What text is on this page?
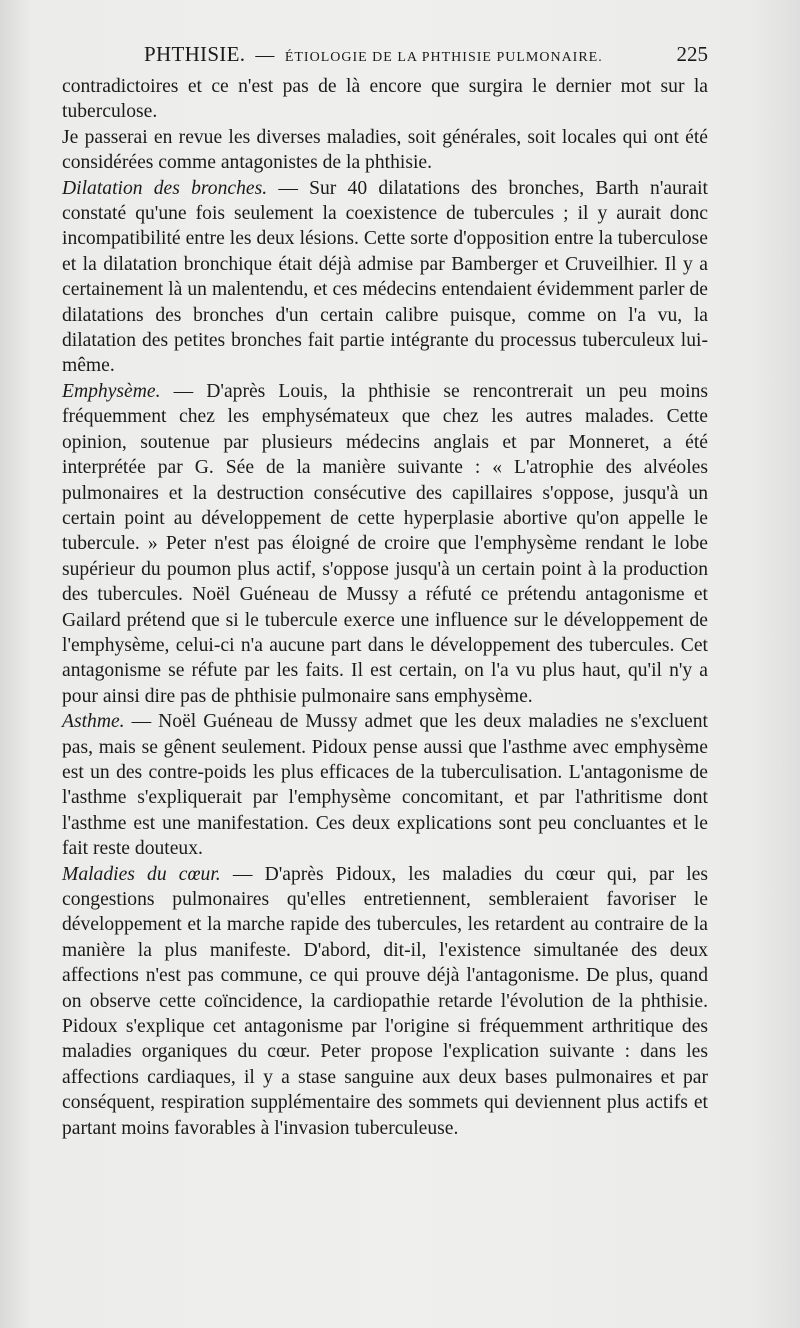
PHTHISIE. — ÉTIOLOGIE DE LA PHTHISIE PULMONAIRE.	225

contradictoires et ce n'est pas de là encore que surgira le dernier mot sur la tuberculose.

Je passerai en revue les diverses maladies, soit générales, soit locales qui ont été considérées comme antagonistes de la phthisie.

Dilatation des bronches. — Sur 40 dilatations des bronches, Barth n'aurait constaté qu'une fois seulement la coexistence de tubercules ; il y aurait donc incompatibilité entre les deux lésions. Cette sorte d'opposition entre la tuberculose et la dilatation bronchique était déjà admise par Bamberger et Cruveilhier. Il y a certainement là un malentendu, et ces médecins entendaient évidemment parler de dilatations des bronches d'un certain calibre puisque, comme on l'a vu, la dilatation des petites bronches fait partie intégrante du processus tuberculeux lui-même.

Emphysème. — D'après Louis, la phthisie se rencontrerait un peu moins fréquemment chez les emphysémateux que chez les autres malades. Cette opinion, soutenue par plusieurs médecins anglais et par Monneret, a été interprétée par G. Sée de la manière suivante : « L'atrophie des alvéoles pulmonaires et la destruction consécutive des capillaires s'oppose, jusqu'à un certain point au développement de cette hyperplasie abortive qu'on appelle le tubercule. » Peter n'est pas éloigné de croire que l'emphysème rendant le lobe supérieur du poumon plus actif, s'oppose jusqu'à un certain point à la production des tubercules. Noël Guéneau de Mussy a réfuté ce prétendu antagonisme et Gailard prétend que si le tubercule exerce une influence sur le développement de l'emphysème, celui-ci n'a aucune part dans le développement des tubercules. Cet antagonisme se réfute par les faits. Il est certain, on l'a vu plus haut, qu'il n'y a pour ainsi dire pas de phthisie pulmonaire sans emphysème.

Asthme. — Noël Guéneau de Mussy admet que les deux maladies ne s'excluent pas, mais se gênent seulement. Pidoux pense aussi que l'asthme avec emphysème est un des contre-poids les plus efficaces de la tuberculisation. L'antagonisme de l'asthme s'expliquerait par l'emphysème concomitant, et par l'athritisme dont l'asthme est une manifestation. Ces deux explications sont peu concluantes et le fait reste douteux.

Maladies du cœur. — D'après Pidoux, les maladies du cœur qui, par les congestions pulmonaires qu'elles entretiennent, sembleraient favoriser le développement et la marche rapide des tubercules, les retardent au contraire de la manière la plus manifeste. D'abord, dit-il, l'existence simultanée des deux affections n'est pas commune, ce qui prouve déjà l'antagonisme. De plus, quand on observe cette coïncidence, la cardiopathie retarde l'évolution de la phthisie. Pidoux s'explique cet antagonisme par l'origine si fréquemment arthritique des maladies organiques du cœur. Peter propose l'explication suivante : dans les affections cardiaques, il y a stase sanguine aux deux bases pulmonaires et par conséquent, respiration supplémentaire des sommets qui deviennent plus actifs et partant moins favorables à l'invasion tuberculeuse.
